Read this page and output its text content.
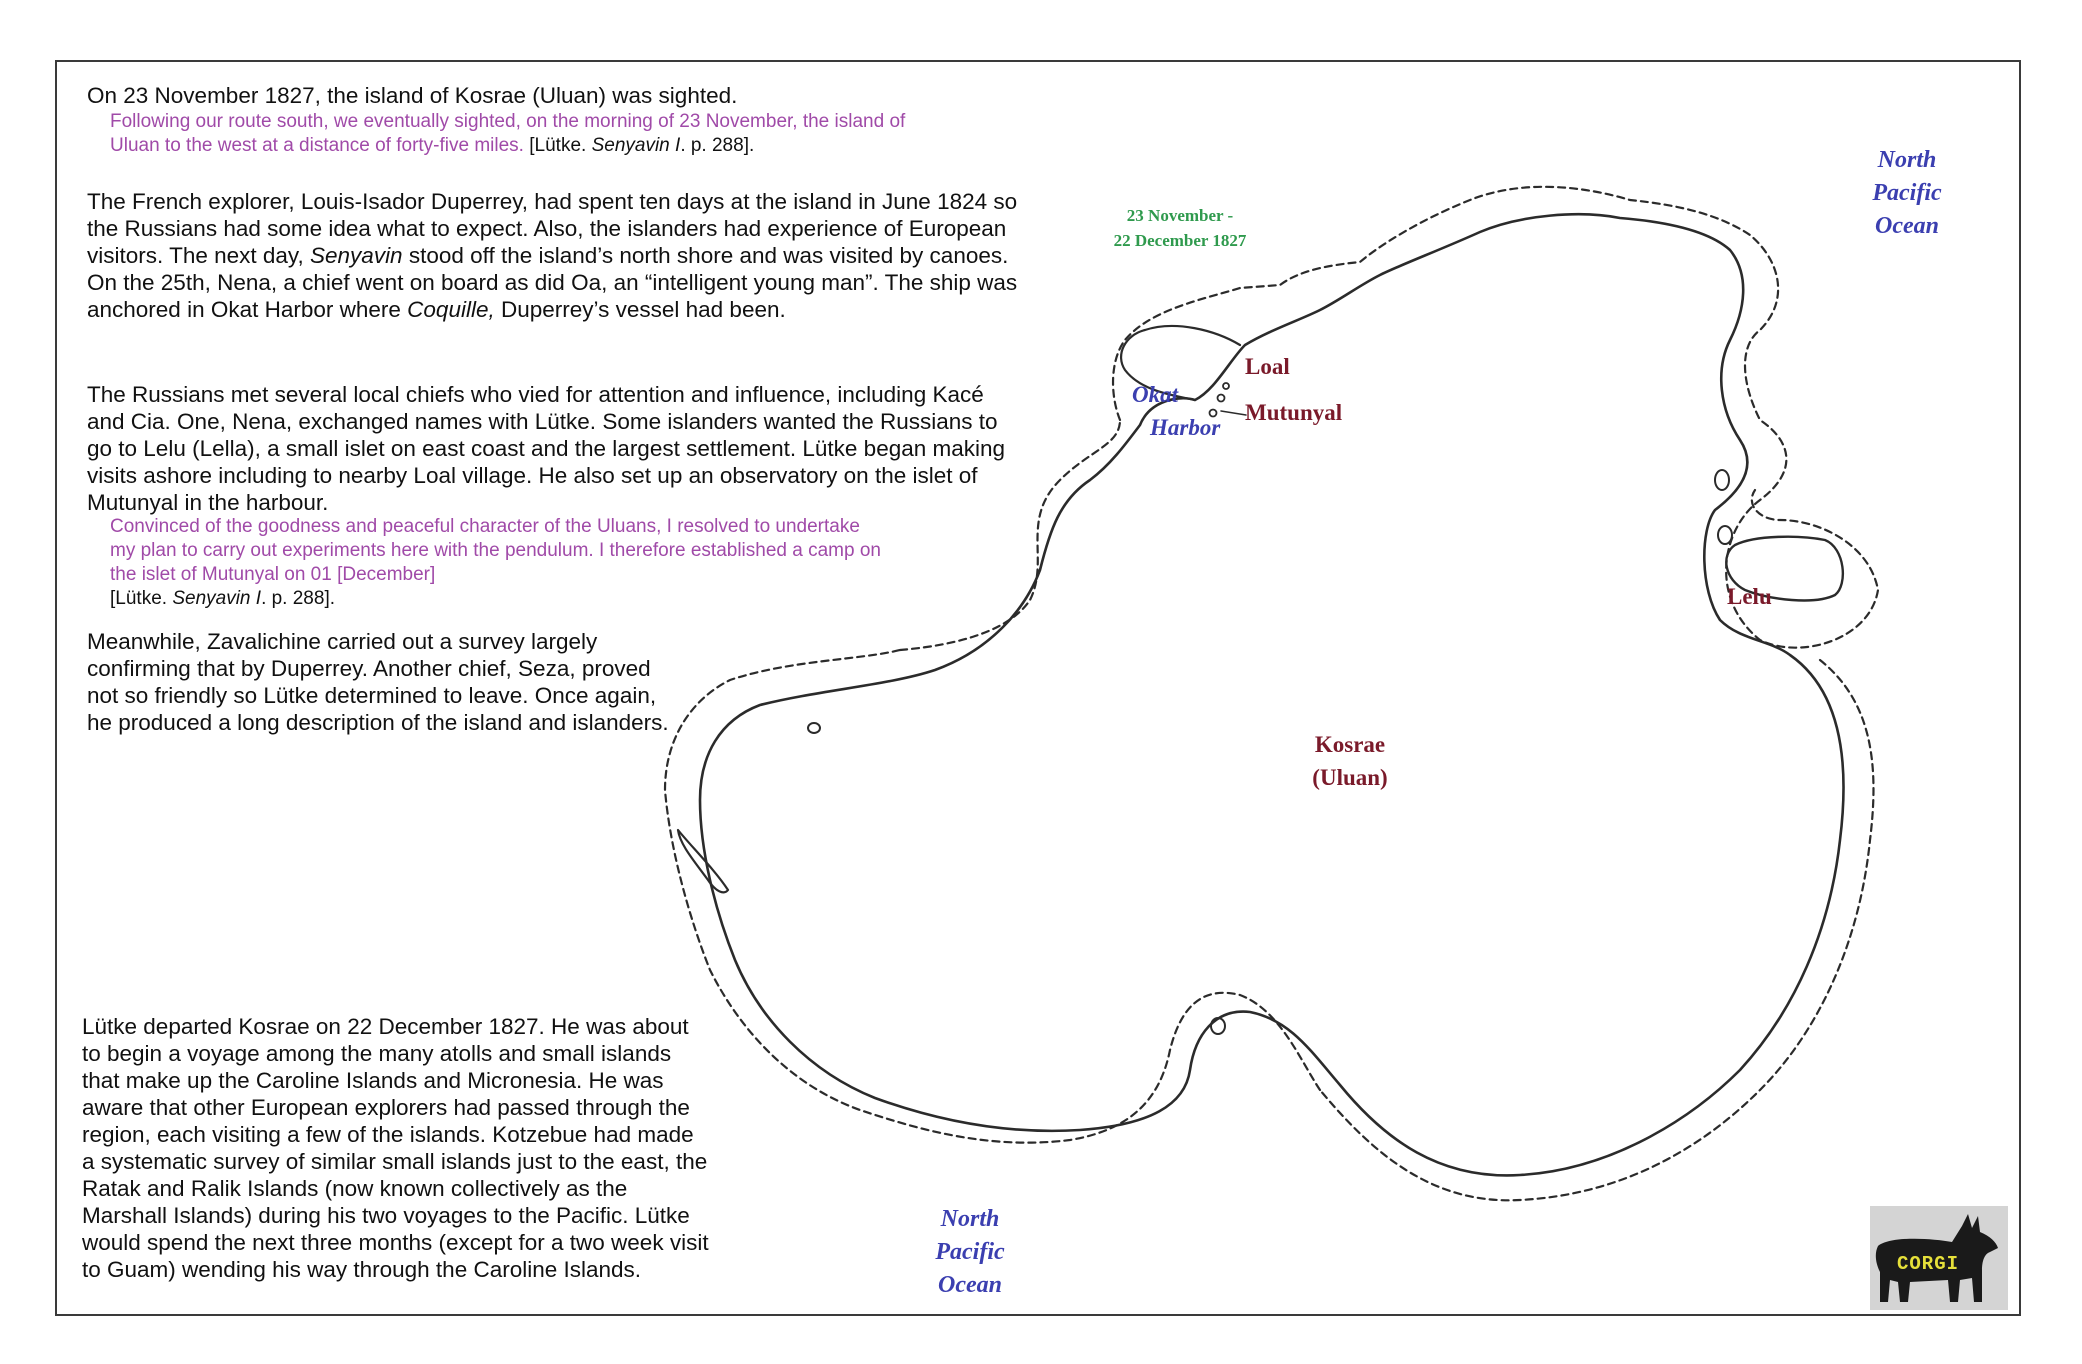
On 23 November 1827, the island of Kosrae (Uluan) was sighted.
Following our route south, we eventually sighted, on the morning of 23 November, the island of Uluan to the west at a distance of forty-five miles. [Lütke. Senyavin I. p. 288].
The French explorer, Louis-Isador Duperrey, had spent ten days at the island in June 1824 so the Russians had some idea what to expect. Also, the islanders had experience of European visitors. The next day, Senyavin stood off the island’s north shore and was visited by canoes. On the 25th, Nena, a chief went on board as did Oa, an “intelligent young man”. The ship was anchored in Okat Harbor where Coquille, Duperrey’s vessel had been.
The Russians met several local chiefs who vied for attention and influence, including Kacé and Cia. One, Nena, exchanged names with Lütke. Some islanders wanted the Russians to go to Lelu (Lella), a small islet on east coast and the largest settlement. Lütke began making visits ashore including to nearby Loal village. He also set up an observatory on the islet of Mutunyal in the harbour.
Convinced of the goodness and peaceful character of the Uluans, I resolved to undertake my plan to carry out experiments here with the pendulum. I therefore established a camp on the islet of Mutunyal on 01 [December]
[Lütke. Senyavin I. p. 288].
Meanwhile, Zavalichine carried out a survey largely confirming that by Duperrey. Another chief, Seza, proved not so friendly so Lütke determined to leave. Once again, he produced a long description of the island and islanders.
Lütke departed Kosrae on 22 December 1827. He was about to begin a voyage among the many atolls and small islands that make up the Caroline Islands and Micronesia. He was aware that other European explorers had passed through the region, each visiting a few of the islands. Kotzebue had made a systematic survey of similar small islands just to the east, the Ratak and Ralik Islands (now known collectively as the Marshall Islands) during his two voyages to the Pacific. Lütke would spend the next three months (except for a two week visit to Guam) wending his way through the Caroline Islands.
North
Pacific
Ocean
North
Pacific
Ocean
23 November -
22 December 1827
Okat
Harbor
Loal
Mutunyal
Lelu
Kosrae
(Uluan)
CORGI
